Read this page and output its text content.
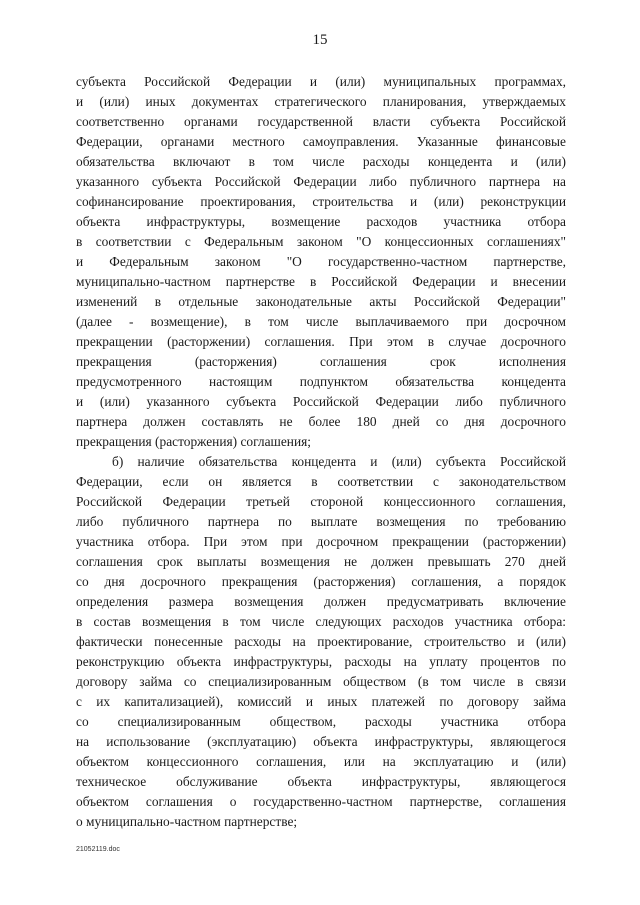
15
субъекта Российской Федерации и (или) муниципальных программах,
и (или) иных документах стратегического планирования, утверждаемых
соответственно органами государственной власти субъекта Российской
Федерации, органами местного самоуправления. Указанные финансовые
обязательства включают в том числе расходы концедента и (или)
указанного субъекта Российской Федерации либо публичного партнера на
софинансирование проектирования, строительства и (или) реконструкции
объекта инфраструктуры, возмещение расходов участника отбора
в соответствии с Федеральным законом "О концессионных соглашениях"
и Федеральным законом "О государственно-частном партнерстве,
муниципально-частном партнерстве в Российской Федерации и внесении
изменений в отдельные законодательные акты Российской Федерации"
(далее - возмещение), в том числе выплачиваемого при досрочном
прекращении (расторжении) соглашения. При этом в случае досрочного
прекращения (расторжения) соглашения срок исполнения
предусмотренного настоящим подпунктом обязательства концедента
и (или) указанного субъекта Российской Федерации либо публичного
партнера должен составлять не более 180 дней со дня досрочного
прекращения (расторжения) соглашения;
б) наличие обязательства концедента и (или) субъекта Российской
Федерации, если он является в соответствии с законодательством
Российской Федерации третьей стороной концессионного соглашения,
либо публичного партнера по выплате возмещения по требованию
участника отбора. При этом при досрочном прекращении (расторжении)
соглашения срок выплаты возмещения не должен превышать 270 дней
со дня досрочного прекращения (расторжения) соглашения, а порядок
определения размера возмещения должен предусматривать включение
в состав возмещения в том числе следующих расходов участника отбора:
фактически понесенные расходы на проектирование, строительство и (или)
реконструкцию объекта инфраструктуры, расходы на уплату процентов по
договору займа со специализированным обществом (в том числе в связи
с их капитализацией), комиссий и иных платежей по договору займа
со специализированным обществом, расходы участника отбора
на использование (эксплуатацию) объекта инфраструктуры, являющегося
объектом концессионного соглашения, или на эксплуатацию и (или)
техническое обслуживание объекта инфраструктуры, являющегося
объектом соглашения о государственно-частном партнерстве, соглашения
о муниципально-частном партнерстве;
21052119.doc
